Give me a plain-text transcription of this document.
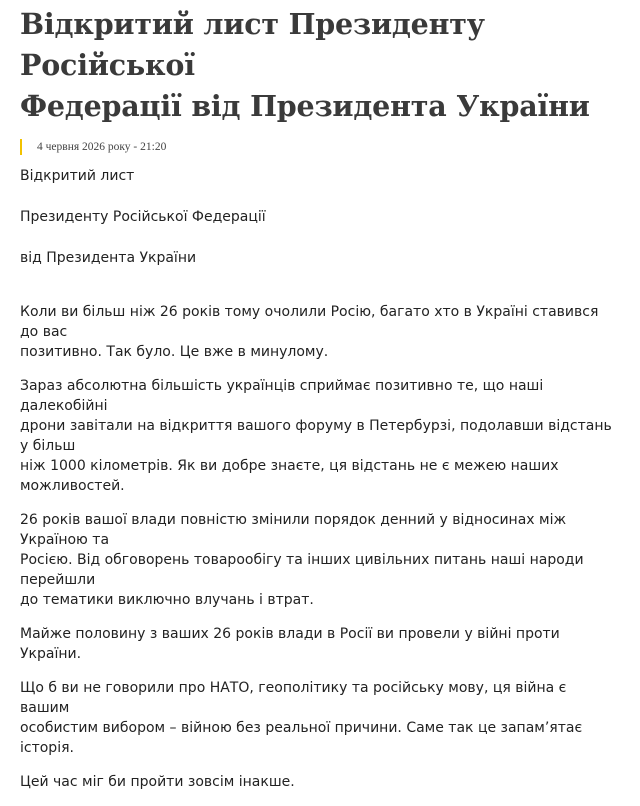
Відкритий лист Президенту Російської
Федерації від Президента України
4 червня 2026 року - 21:20

Відкритий лист

Президенту Російської Федерації

від Президента України

Коли ви більш ніж 26 років тому очолили Росію, багато хто в Україні ставився до вас
позитивно. Так було. Це вже в минулому.

Зараз абсолютна більшість українців сприймає позитивно те, що наші далекобійні
дрони завітали на відкриття вашого форуму в Петербурзі, подолавши відстань у більш
ніж 1000 кілометрів. Як ви добре знаєте, ця відстань не є межею наших можливостей.

26 років вашої влади повністю змінили порядок денний у відносинах між Україною та
Росією. Від обговорень товарообігу та інших цивільних питань наші народи перейшли
до тематики виключно влучань і втрат.

Майже половину з ваших 26 років влади в Росії ви провели у війні проти України.

Що б ви не говорили про НАТО, геополітику та російську мову, ця війна є вашим
особистим вибором – війною без реальної причини. Саме так це запам’ятає історія.

Цей час міг би пройти зовсім інакше.
